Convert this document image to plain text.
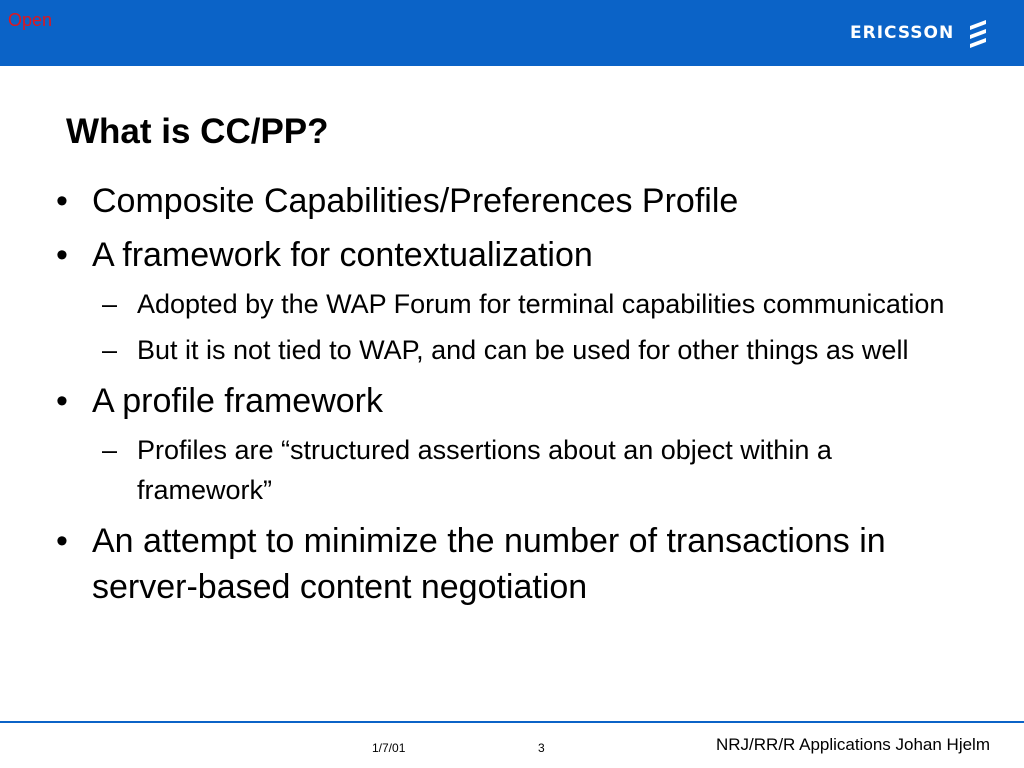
Open
ERICSSON
What is CC/PP?
• Composite Capabilities/Preferences Profile
• A framework for contextualization
– Adopted by the WAP Forum for terminal capabilities communication
– But it is not tied to WAP, and can be used for other things as well
• A profile framework
– Profiles are “structured assertions about an object within a framework”
• An attempt to minimize the number of transactions in server-based content negotiation
1/7/01	3	NRJ/RR/R Applications Johan Hjelm
